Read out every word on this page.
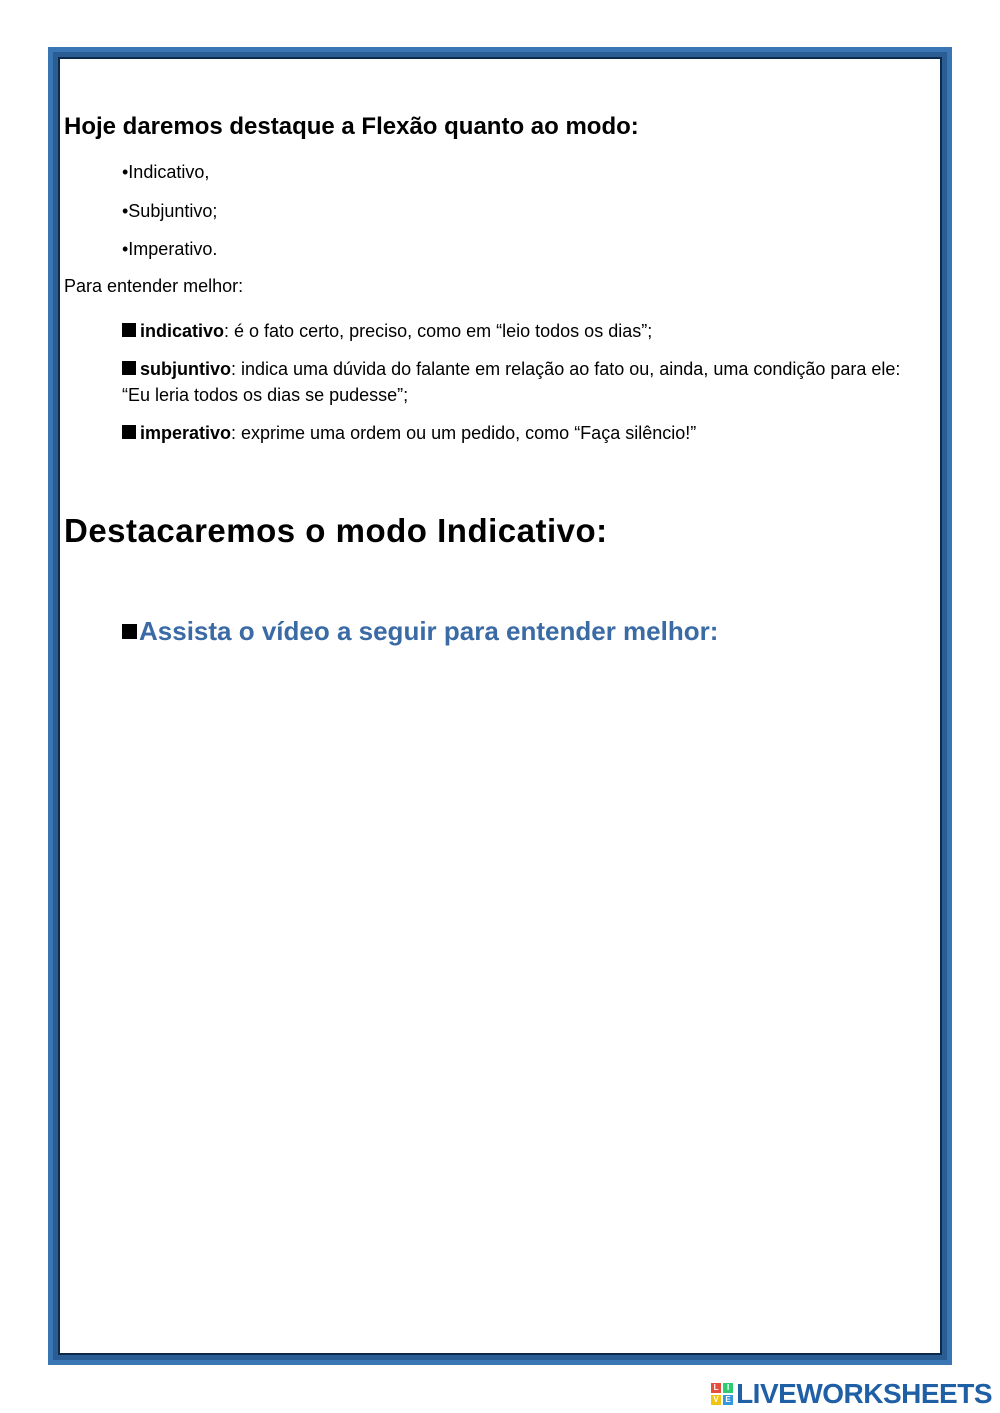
Hoje daremos destaque a Flexão quanto ao modo:
•Indicativo,
•Subjuntivo;
•Imperativo.

Para entender melhor:

indicativo: é o fato certo, preciso, como em “leio todos os dias”;
subjuntivo: indica uma dúvida do falante em relação ao fato ou, ainda, uma condição para ele: “Eu leria todos os dias se pudesse”;
imperativo: exprime uma ordem ou um pedido, como “Faça silêncio!”
Destacaremos o modo Indicativo:

Assista o vídeo a seguir para entender melhor:

L	I
V E LIVEWORKSHEETS
